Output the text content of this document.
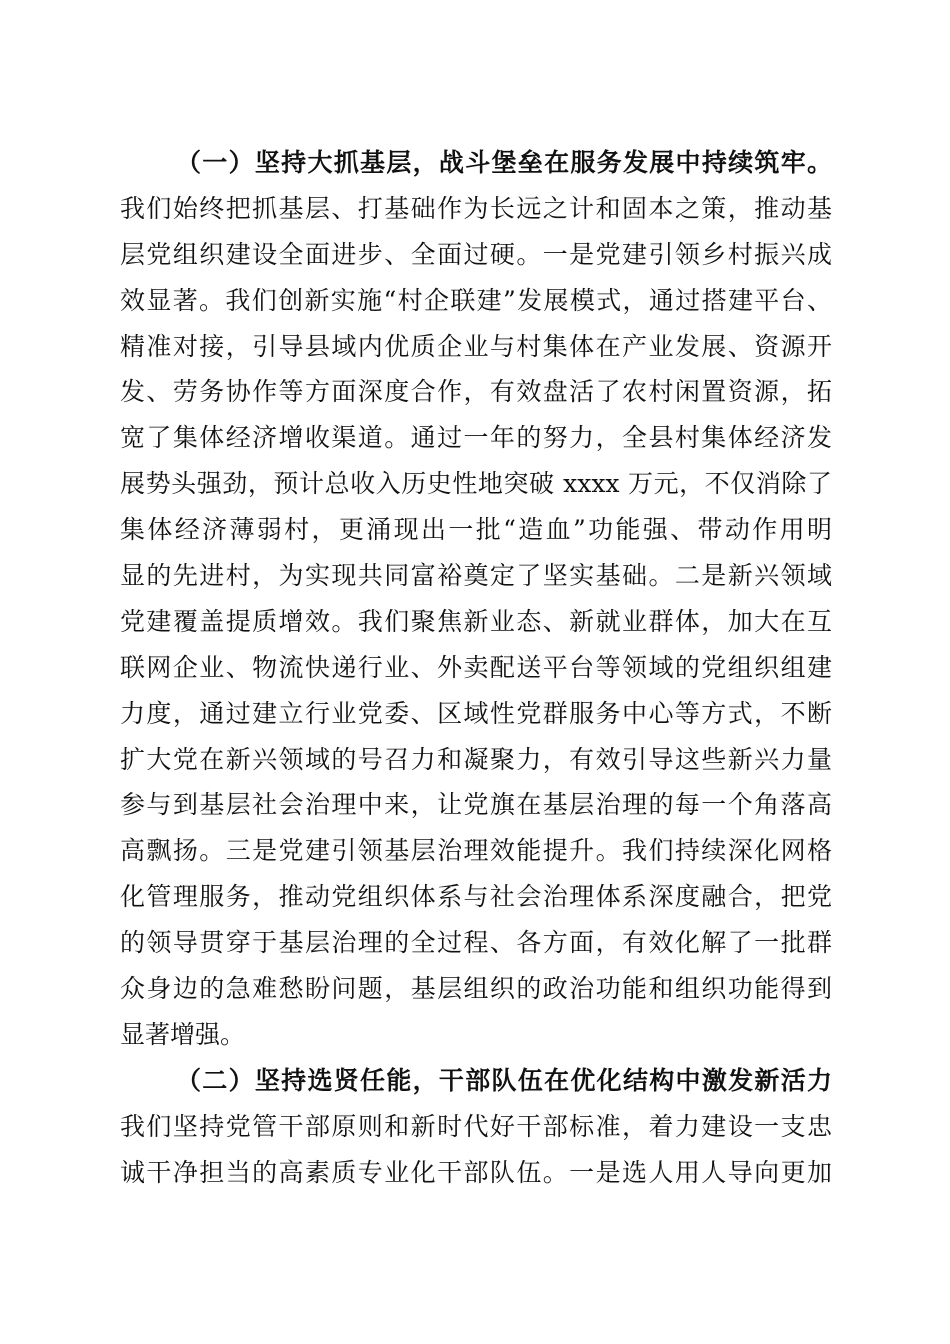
（一）坚持大抓基层，战斗堡垒在服务发展中持续筑牢。
我们始终把抓基层、打基础作为长远之计和固本之策，推动基
层党组织建设全面进步、全面过硬。一是党建引领乡村振兴成
效显著。我们创新实施“村企联建”发展模式，通过搭建平台、
精准对接，引导县域内优质企业与村集体在产业发展、资源开
发、劳务协作等方面深度合作，有效盘活了农村闲置资源，拓
宽了集体经济增收渠道。通过一年的努力，全县村集体经济发
展势头强劲，预计总收入历史性地突破 xxxx 万元，不仅消除了
集体经济薄弱村，更涌现出一批“造血”功能强、带动作用明
显的先进村，为实现共同富裕奠定了坚实基础。二是新兴领域
党建覆盖提质增效。我们聚焦新业态、新就业群体，加大在互
联网企业、物流快递行业、外卖配送平台等领域的党组织组建
力度，通过建立行业党委、区域性党群服务中心等方式，不断
扩大党在新兴领域的号召力和凝聚力，有效引导这些新兴力量
参与到基层社会治理中来，让党旗在基层治理的每一个角落高
高飘扬。三是党建引领基层治理效能提升。我们持续深化网格
化管理服务，推动党组织体系与社会治理体系深度融合，把党
的领导贯穿于基层治理的全过程、各方面，有效化解了一批群
众身边的急难愁盼问题，基层组织的政治功能和组织功能得到
显著增强。
（二）坚持选贤任能，干部队伍在优化结构中激发新活力
我们坚持党管干部原则和新时代好干部标准，着力建设一支忠
诚干净担当的高素质专业化干部队伍。一是选人用人导向更加
